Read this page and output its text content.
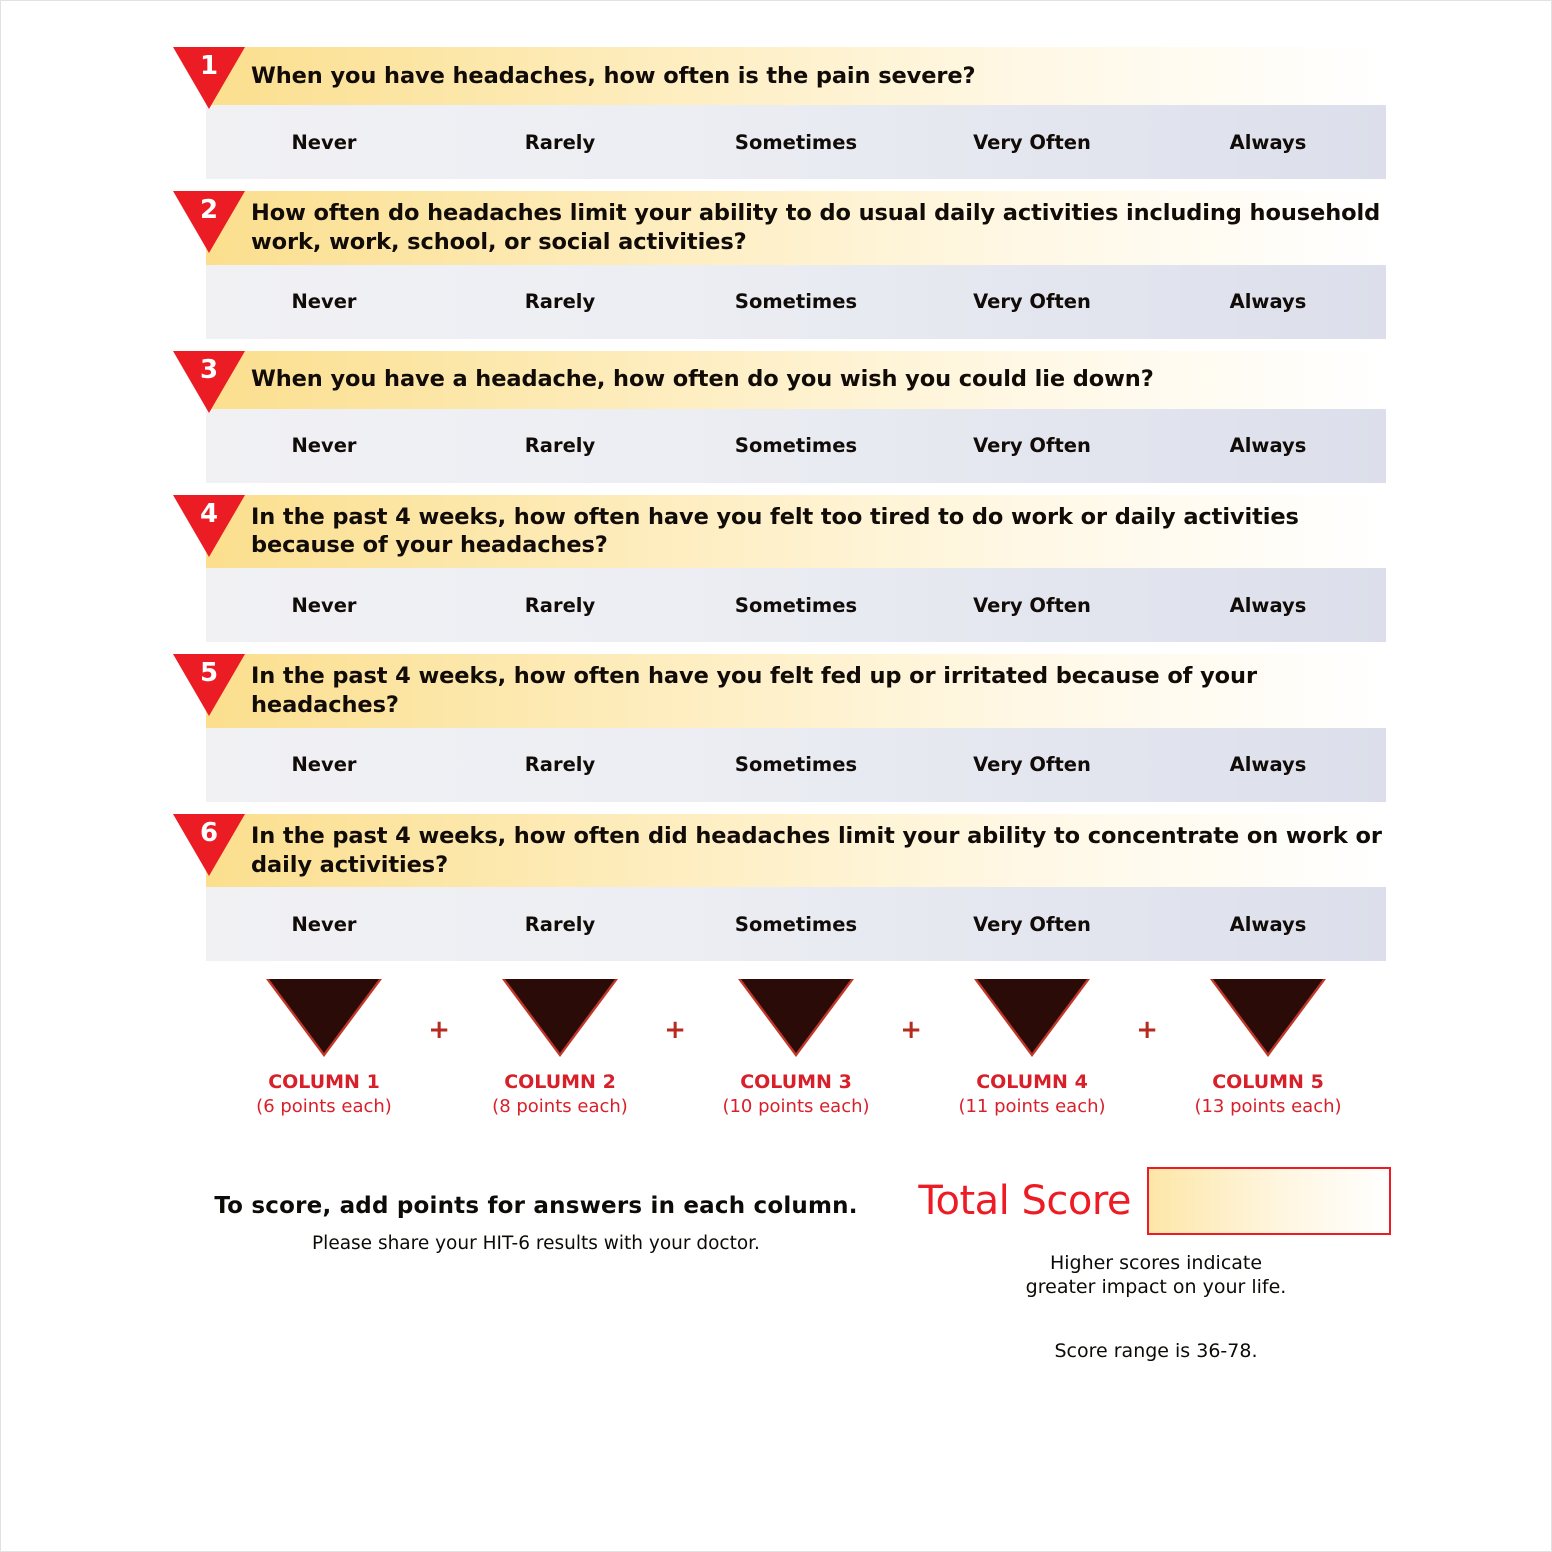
1	When you have headaches, how often is the pain severe?
Never	Rarely	Sometimes	Very Often	Always
2	How often do headaches limit your ability to do usual daily activities including household work, work, school, or social activities?
Never	Rarely	Sometimes	Very Often	Always
3	When you have a headache, how often do you wish you could lie down?
Never	Rarely	Sometimes	Very Often	Always
4	In the past 4 weeks, how often have you felt too tired to do work or daily activities because of your headaches?
Never	Rarely	Sometimes	Very Often	Always
5	In the past 4 weeks, how often have you felt fed up or irritated because of your headaches?
Never	Rarely	Sometimes	Very Often	Always
6	In the past 4 weeks, how often did headaches limit your ability to concentrate on work or daily activities?
Never	Rarely	Sometimes	Very Often	Always
COLUMN 1
(6 points each)
+
COLUMN 2
(8 points each)
+
COLUMN 3
(10 points each)
+
COLUMN 4
(11 points each)
+
COLUMN 5
(13 points each)
To score, add points for answers in each column.
Please share your HIT-6 results with your doctor.
Total Score
Higher scores indicate
greater impact on your life.
Score range is 36-78.
